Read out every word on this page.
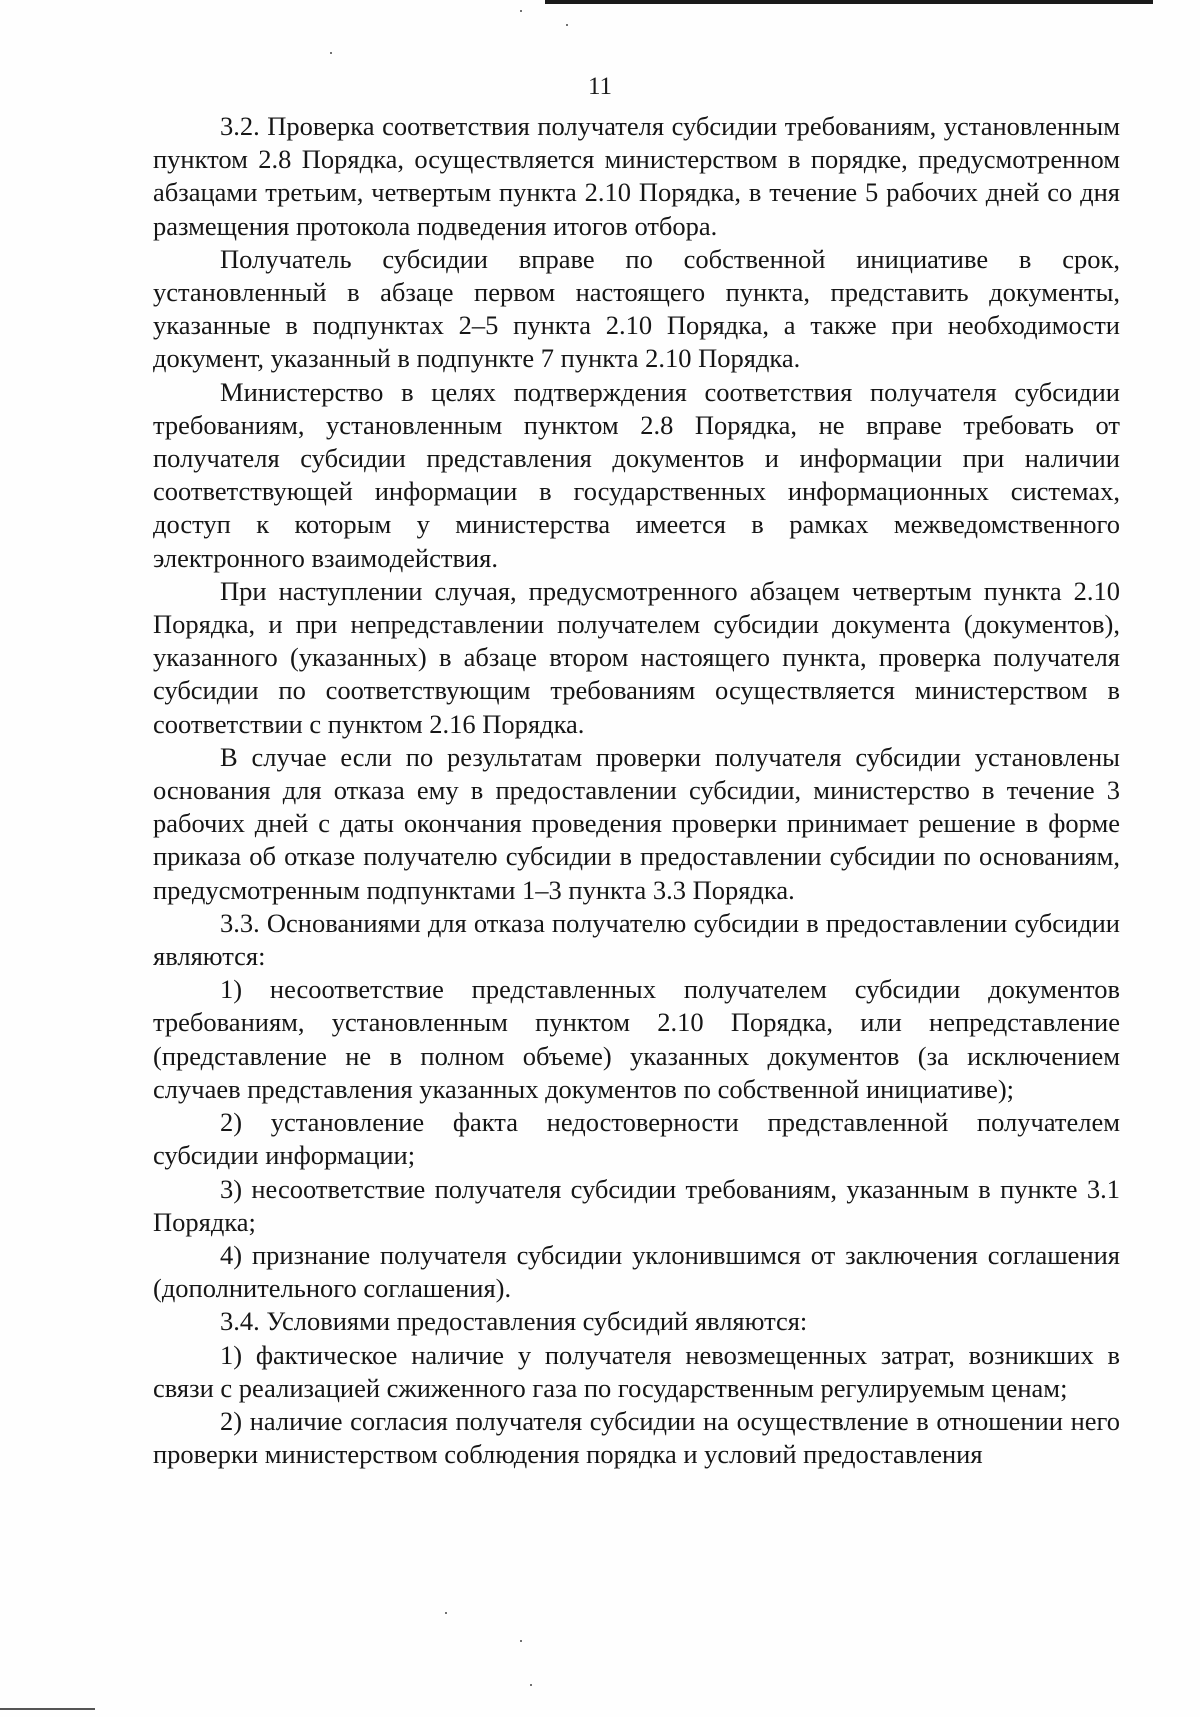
11

3.2. Проверка соответствия получателя субсидии требованиям, установленным пунктом 2.8 Порядка, осуществляется министерством в порядке, предусмотренном абзацами третьим, четвертым пункта 2.10 Порядка, в течение 5 рабочих дней со дня размещения протокола подведения итогов отбора.

Получатель субсидии вправе по собственной инициативе в срок, установленный в абзаце первом настоящего пункта, представить документы, указанные в подпунктах 2–5 пункта 2.10 Порядка, а также при необходимости документ, указанный в подпункте 7 пункта 2.10 Порядка.

Министерство в целях подтверждения соответствия получателя субсидии требованиям, установленным пунктом 2.8 Порядка, не вправе требовать от получателя субсидии представления документов и информации при наличии соответствующей информации в государственных информационных системах, доступ к которым у министерства имеется в рамках межведомственного электронного взаимодействия.

При наступлении случая, предусмотренного абзацем четвертым пункта 2.10 Порядка, и при непредставлении получателем субсидии документа (документов), указанного (указанных) в абзаце втором настоящего пункта, проверка получателя субсидии по соответствующим требованиям осуществляется министерством в соответствии с пунктом 2.16 Порядка.

В случае если по результатам проверки получателя субсидии установлены основания для отказа ему в предоставлении субсидии, министерство в течение 3 рабочих дней с даты окончания проведения проверки принимает решение в форме приказа об отказе получателю субсидии в предоставлении субсидии по основаниям, предусмотренным подпунктами 1–3 пункта 3.3 Порядка.

3.3. Основаниями для отказа получателю субсидии в предоставлении субсидии являются:

1) несоответствие представленных получателем субсидии документов требованиям, установленным пунктом 2.10 Порядка, или непредставление (представление не в полном объеме) указанных документов (за исключением случаев представления указанных документов по собственной инициативе);

2) установление факта недостоверности представленной получателем субсидии информации;

3) несоответствие получателя субсидии требованиям, указанным в пункте 3.1 Порядка;

4) признание получателя субсидии уклонившимся от заключения соглашения (дополнительного соглашения).

3.4. Условиями предоставления субсидий являются:

1) фактическое наличие у получателя невозмещенных затрат, возникших в связи с реализацией сжиженного газа по государственным регулируемым ценам;

2) наличие согласия получателя субсидии на осуществление в отношении него проверки министерством соблюдения порядка и условий предоставления
